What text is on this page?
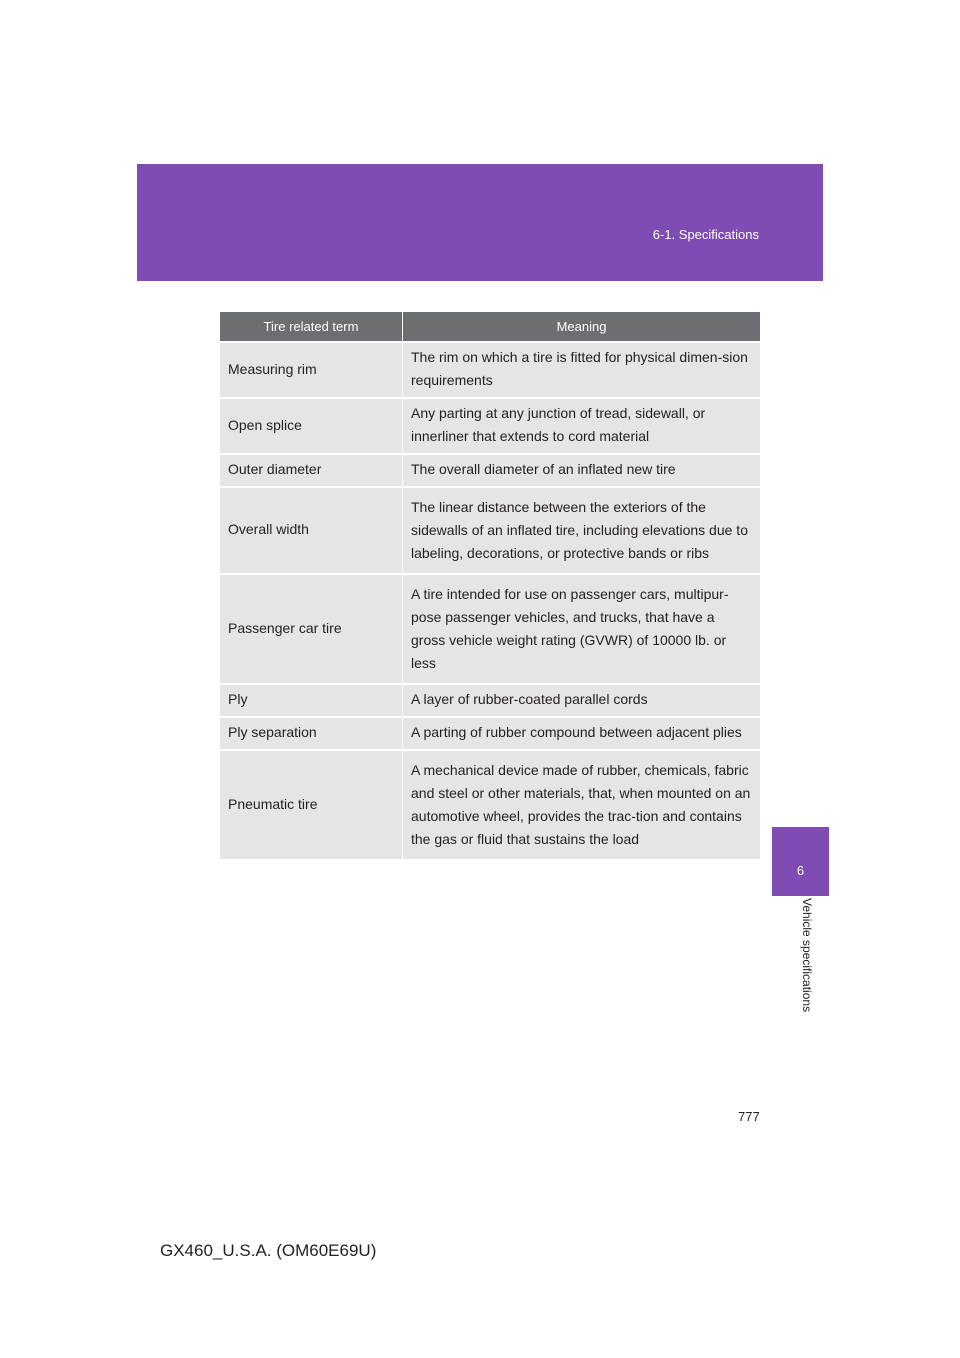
6-1. Specifications
6
Vehicle specifications
Tire related term	Meaning
Measuring rim	The rim on which a tire is fitted for physical dimen-sion requirements
Open splice	Any parting at any junction of tread, sidewall, or innerliner that extends to cord material
Outer diameter	The overall diameter of an inflated new tire
Overall width	The linear distance between the exteriors of the sidewalls of an inflated tire, including elevations due to labeling, decorations, or protective bands or ribs
Passenger car tire	A tire intended for use on passenger cars, multipur-pose passenger vehicles, and trucks, that have a gross vehicle weight rating (GVWR) of 10000 lb. or less
Ply	A layer of rubber-coated parallel cords
Ply separation	A parting of rubber compound between adjacent plies
Pneumatic tire	A mechanical device made of rubber, chemicals, fabric and steel or other materials, that, when mounted on an automotive wheel, provides the trac-tion and contains the gas or fluid that sustains the load
777
GX460_U.S.A. (OM60E69U)
